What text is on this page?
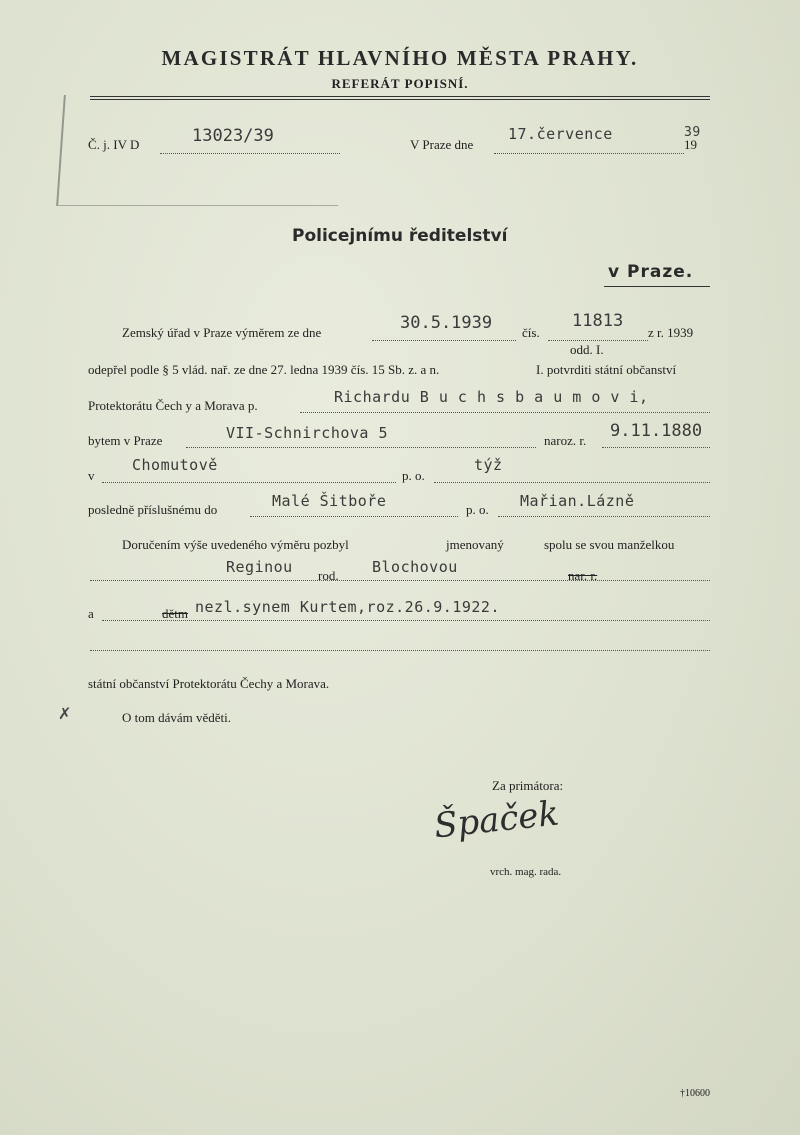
MAGISTRÁT HLAVNÍHO MĚSTA PRAHY.
REFERÁT POPISNÍ.
Č. j. IV D	13023/39	V Praze dne
17.července
19
39
Policejnímu ředitelství
v Praze.
Zemský úřad v Praze výměrem ze dne	30.5.1939 čís.
11813
z r. 1939
odd. I.
odepřel podle § 5 vlád. nař. ze dne 27. ledna 1939 čís. 15 Sb. z. a n.	I. potvrditi státní občanství
Protektorátu Čech y a Morava p.	Richardu B u c h s b a u m o v i,
bytem v Praze	VII-Schnirchova 5	naroz. r. 9.11.1880
v
Chomutově
p. o.
týž
posledně příslušnému do	Malé Šitboře	p. o. Mařian.Lázně
Doručením výše uvedeného výměru pozbyl	jmenovaný	spolu se svou manželkou
Reginou rod. Blochovou	nar. r.
a	dětm nezl.synem Kurtem,roz.26.9.1922.
státní občanství Protektorátu Čechy a Morava.
✗	O tom dávám věděti.
Za primátora:
Špaček
vrch. mag. rada.
†10600
